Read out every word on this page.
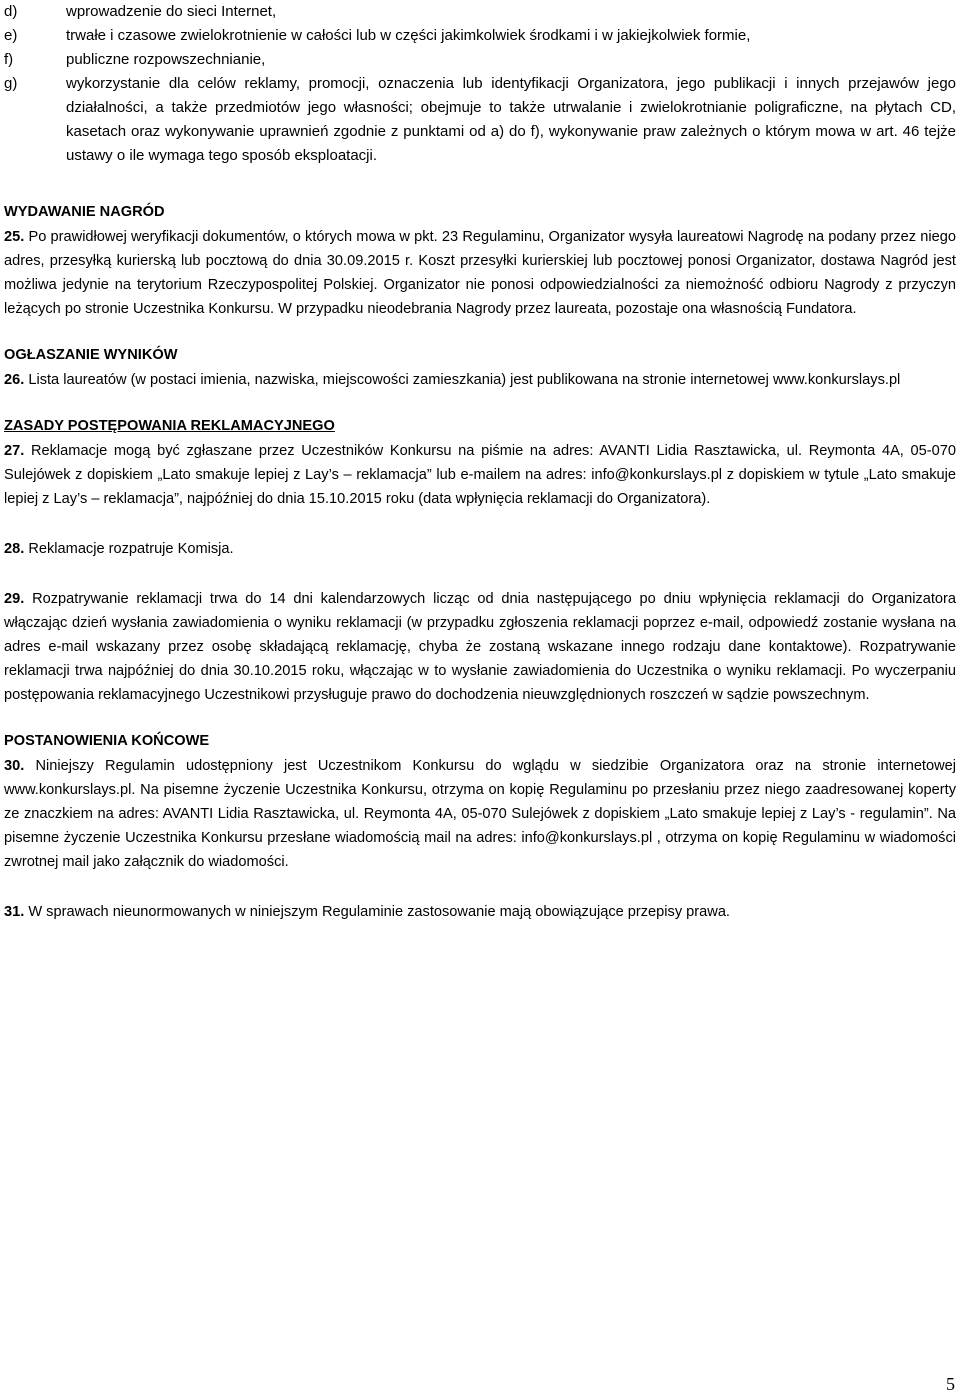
d)	wprowadzenie do sieci Internet,
e)	trwałe i czasowe zwielokrotnienie w całości lub w części jakimkolwiek środkami i w jakiejkolwiek formie,
f)	publiczne rozpowszechnianie,
g)	wykorzystanie dla celów reklamy, promocji, oznaczenia lub identyfikacji Organizatora, jego publikacji i innych przejawów jego działalności, a także przedmiotów jego własności; obejmuje to także utrwalanie i zwielokrotnianie poligraficzne, na płytach CD, kasetach oraz wykonywanie uprawnień zgodnie z punktami od a) do f), wykonywanie praw zależnych o którym mowa w art. 46 tejże ustawy o ile wymaga tego sposób eksploatacji.

WYDAWANIE NAGRÓD

25. Po prawidłowej weryfikacji dokumentów, o których mowa w pkt. 23 Regulaminu, Organizator wysyła laureatowi Nagrodę na podany przez niego adres, przesyłką kurierską lub pocztową do dnia 30.09.2015 r. Koszt przesyłki kurierskiej lub pocztowej ponosi Organizator, dostawa Nagród jest możliwa jedynie na terytorium Rzeczypospolitej Polskiej. Organizator nie ponosi odpowiedzialności za niemożność odbioru Nagrody z przyczyn leżących po stronie Uczestnika Konkursu. W przypadku nieodebrania Nagrody przez laureata, pozostaje ona własnością Fundatora.

OGŁASZANIE WYNIKÓW

26. Lista laureatów (w postaci imienia, nazwiska, miejscowości zamieszkania) jest publikowana na stronie internetowej www.konkurslays.pl

ZASADY POSTĘPOWANIA REKLAMACYJNEGO

27. Reklamacje mogą być zgłaszane przez Uczestników Konkursu na piśmie na adres: AVANTI Lidia Rasztawicka, ul. Reymonta 4A, 05-070 Sulejówek z dopiskiem „Lato smakuje lepiej z Lay’s – reklamacja” lub e-mailem na adres: info@konkurslays.pl z dopiskiem w tytule „Lato smakuje lepiej z Lay’s – reklamacja”, najpóźniej do dnia 15.10.2015 roku (data wpłynięcia reklamacji do Organizatora).

28. Reklamacje rozpatruje Komisja.

29. Rozpatrywanie reklamacji trwa do 14 dni kalendarzowych licząc od dnia następującego po dniu wpłynięcia reklamacji do Organizatora włączając dzień wysłania zawiadomienia o wyniku reklamacji (w przypadku zgłoszenia reklamacji poprzez e-mail, odpowiedź zostanie wysłana na adres e-mail wskazany przez osobę składającą reklamację, chyba że zostaną wskazane innego rodzaju dane kontaktowe). Rozpatrywanie reklamacji trwa najpóźniej do dnia 30.10.2015 roku, włączając w to wysłanie zawiadomienia do Uczestnika o wyniku reklamacji. Po wyczerpaniu postępowania reklamacyjnego Uczestnikowi przysługuje prawo do dochodzenia nieuwzględnionych roszczeń w sądzie powszechnym.

POSTANOWIENIA KOŃCOWE

30. Niniejszy Regulamin udostępniony jest Uczestnikom Konkursu do wglądu w siedzibie Organizatora oraz na stronie internetowej www.konkurslays.pl. Na pisemne życzenie Uczestnika Konkursu, otrzyma on kopię Regulaminu po przesłaniu przez niego zaadresowanej koperty ze znaczkiem na adres: AVANTI Lidia Rasztawicka, ul. Reymonta 4A, 05-070 Sulejówek z dopiskiem „Lato smakuje lepiej z Lay’s - regulamin”. Na pisemne życzenie Uczestnika Konkursu przesłane wiadomością mail na adres: info@konkurslays.pl , otrzyma on kopię Regulaminu w wiadomości zwrotnej mail jako załącznik do wiadomości.

31. W sprawach nieunormowanych w niniejszym Regulaminie zastosowanie mają obowiązujące przepisy prawa.

5
